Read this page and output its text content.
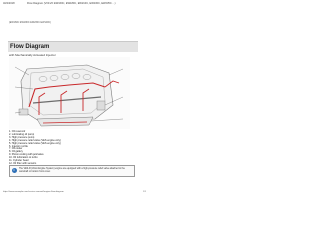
3/22/2018	Flow Diagram (VOLVO EW160C, EW180C, EW210C, EW230C, EW235C ...)
(EW160C EW180C EW230C EW140C)
Flow Diagram
with Mechanically Actuated Injector
1. Oil reservoir
2. Lubricating oil pump
3. High pressure pump
4. High pressure relief valve (VES engine only)
5. High pressure relief valve (VES engine only)
6. Injector nozzle
7. Oil cooler
8. Oil gallery
9. Piston cooling with jets/valve
10. Oil lubrication to turbo
11. Cylinder head
12. Oil filter with sensors
i	The VES-R (Volvo Engine System) engine are equipped with a high-pressure relief valve attached to the camshaft or bottom front cover.
https://www.example.com/service-manual/engine-flow-diagram	1/1
